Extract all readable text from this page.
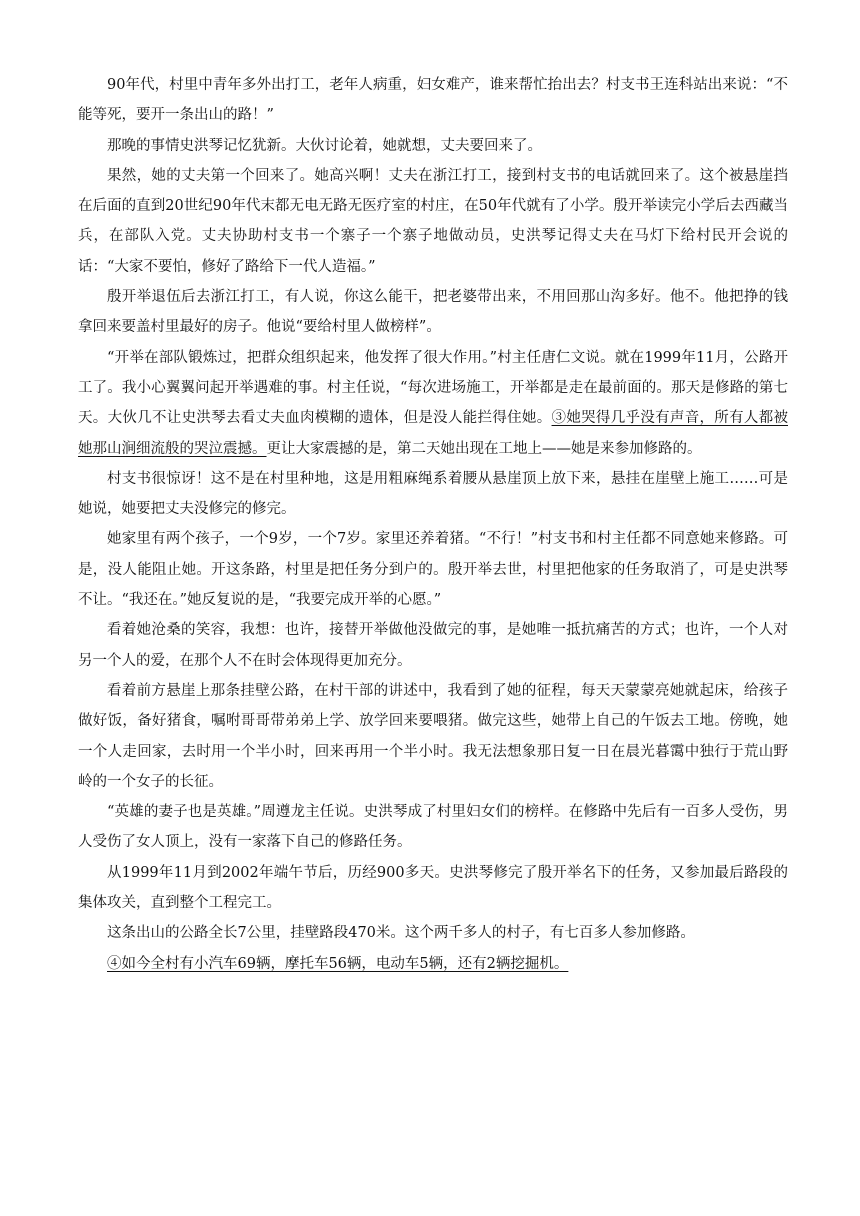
90年代，村里中青年多外出打工，老年人病重，妇女难产，谁来帮忙抬出去？村支书王连科站出来说：“不能等死，要开一条出山的路！”

那晚的事情史洪琴记忆犹新。大伙讨论着，她就想，丈夫要回来了。

果然，她的丈夫第一个回来了。她高兴啊！丈夫在浙江打工，接到村支书的电话就回来了。这个被悬崖挡在后面的直到20世纪90年代末都无电无路无医疗室的村庄，在50年代就有了小学。殷开举读完小学后去西藏当兵，在部队入党。丈夫协助村支书一个寨子一个寨子地做动员，史洪琴记得丈夫在马灯下给村民开会说的话：“大家不要怕，修好了路给下一代人造福。”

殷开举退伍后去浙江打工，有人说，你这么能干，把老婆带出来，不用回那山沟多好。他不。他把挣的钱拿回来要盖村里最好的房子。他说“要给村里人做榜样”。

“开举在部队锻炼过，把群众组织起来，他发挥了很大作用。”村主任唐仁文说。就在1999年11月，公路开工了。我小心翼翼问起开举遇难的事。村主任说，“每次进场施工，开举都是走在最前面的。那天是修路的第七天。大伙几不让史洪琴去看丈夫血肉模糊的遗体，但是没人能拦得住她。③她哭得几乎没有声音，所有人都被她那山涧细流般的哭泣震撼。更让大家震撼的是，第二天她出现在工地上——她是来参加修路的。

村支书很惊讶！这不是在村里种地，这是用粗麻绳系着腰从悬崖顶上放下来，悬挂在崖壁上施工……可是她说，她要把丈夫没修完的修完。

她家里有两个孩子，一个9岁，一个7岁。家里还养着猪。“不行！”村支书和村主任都不同意她来修路。可是，没人能阻止她。开这条路，村里是把任务分到户的。殷开举去世，村里把他家的任务取消了，可是史洪琴不让。“我还在。”她反复说的是，“我要完成开举的心愿。”

看着她沧桑的笑容，我想：也许，接替开举做他没做完的事，是她唯一抵抗痛苦的方式；也许，一个人对另一个人的爱，在那个人不在时会体现得更加充分。

看着前方悬崖上那条挂壁公路，在村干部的讲述中，我看到了她的征程，每天天蒙蒙亮她就起床，给孩子做好饭，备好猪食，嘱咐哥哥带弟弟上学、放学回来要喂猪。做完这些，她带上自己的午饭去工地。傍晚，她一个人走回家，去时用一个半小时，回来再用一个半小时。我无法想象那日复一日在晨光暮霭中独行于荒山野岭的一个女子的长征。

“英雄的妻子也是英雄。”周遵龙主任说。史洪琴成了村里妇女们的榜样。在修路中先后有一百多人受伤，男人受伤了女人顶上，没有一家落下自己的修路任务。

从1999年11月到2002年端午节后，历经900多天。史洪琴修完了殷开举名下的任务，又参加最后路段的集体攻关，直到整个工程完工。

这条出山的公路全长7公里，挂壁路段470米。这个两千多人的村子，有七百多人参加修路。

④如今全村有小汽车69辆，摩托车56辆，电动车5辆，还有2辆挖掘机。
